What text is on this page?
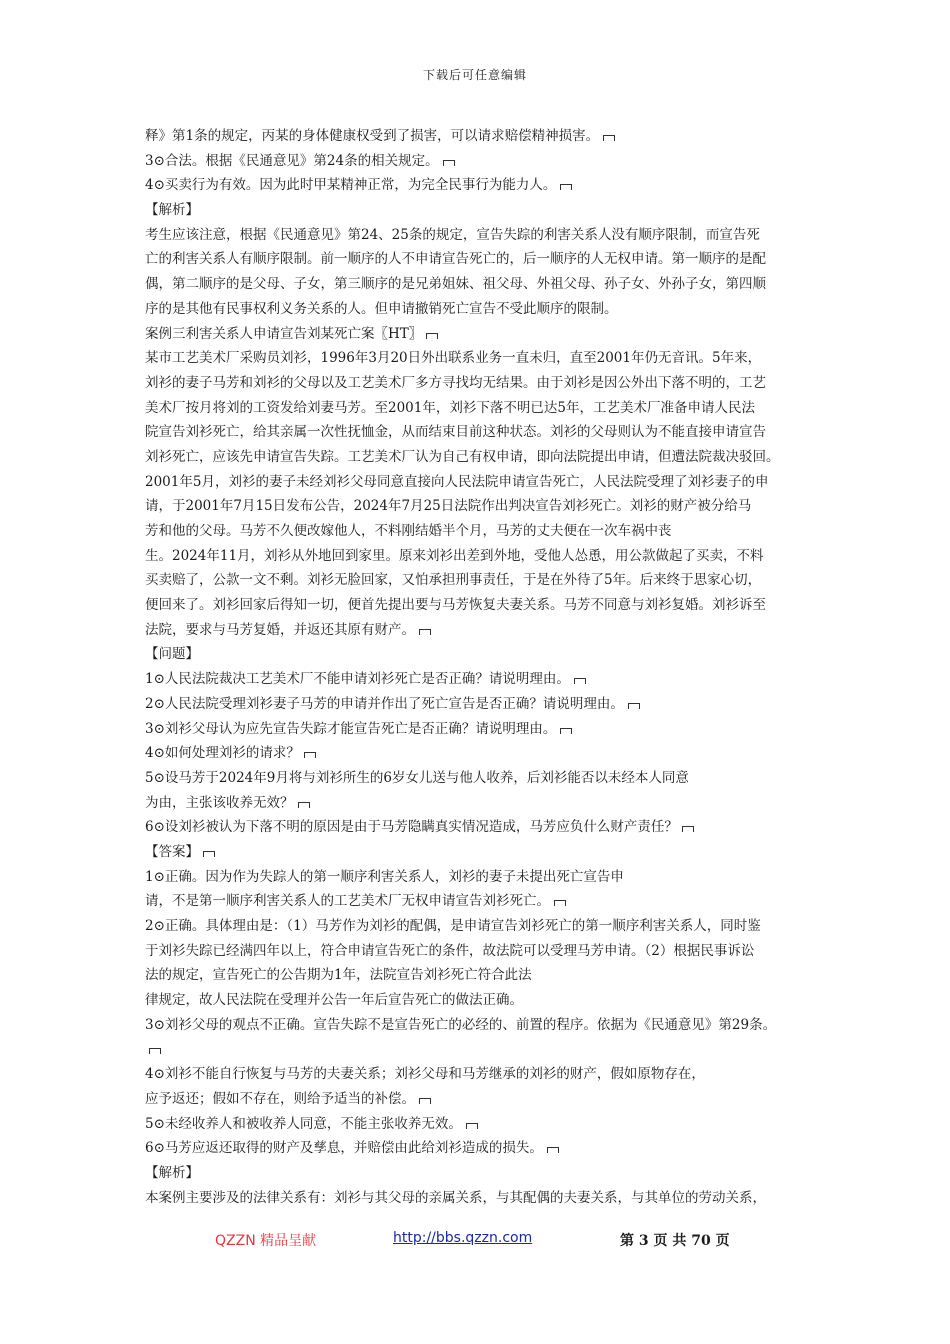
下载后可任意编辑
释》第1条的规定，丙某的身体健康权受到了损害，可以请求赔偿精神损害。
3⊙合法。根据《民通意见》第24条的相关规定。
4⊙买卖行为有效。因为此时甲某精神正常，为完全民事行为能力人。
【解析】
考生应该注意，根据《民通意见》第24、25条的规定，宣告失踪的利害关系人没有顺序限制，而宣告死
亡的利害关系人有顺序限制。前一顺序的人不申请宣告死亡的，后一顺序的人无权申请。第一顺序的是配
偶，第二顺序的是父母、子女，第三顺序的是兄弟姐妹、祖父母、外祖父母、孙子女、外孙子女，第四顺
序的是其他有民事权利义务关系的人。但申请撤销死亡宣告不受此顺序的限制。
案例三利害关系人申请宣告刘某死亡案〖HT〗
某市工艺美术厂采购员刘衫，1996年3月20日外出联系业务一直未归，直至2001年仍无音讯。5年来，
刘衫的妻子马芳和刘衫的父母以及工艺美术厂多方寻找均无结果。由于刘衫是因公外出下落不明的，工艺
美术厂按月将刘的工资发给刘妻马芳。至2001年，刘衫下落不明已达5年，工艺美术厂准备申请人民法
院宣告刘衫死亡，给其亲属一次性抚恤金，从而结束目前这种状态。刘衫的父母则认为不能直接申请宣告
刘衫死亡，应该先申请宣告失踪。工艺美术厂认为自己有权申请，即向法院提出申请，但遭法院裁决驳回。
2001年5月，刘衫的妻子未经刘衫父母同意直接向人民法院申请宣告死亡，人民法院受理了刘衫妻子的申
请，于2001年7月15日发布公告，2024年7月25日法院作出判决宣告刘衫死亡。刘衫的财产被分给马
芳和他的父母。马芳不久便改嫁他人，不料刚结婚半个月，马芳的丈夫便在一次车祸中丧
生。2024年11月，刘衫从外地回到家里。原来刘衫出差到外地，受他人怂恿，用公款做起了买卖，不料
买卖赔了，公款一文不剩。刘衫无脸回家，又怕承担刑事责任，于是在外待了5年。后来终于思家心切，
便回来了。刘衫回家后得知一切，便首先提出要与马芳恢复夫妻关系。马芳不同意与刘衫复婚。刘衫诉至
法院，要求与马芳复婚，并返还其原有财产。
【问题】
1⊙人民法院裁决工艺美术厂不能申请刘衫死亡是否正确？请说明理由。
2⊙人民法院受理刘衫妻子马芳的申请并作出了死亡宣告是否正确？请说明理由。
3⊙刘衫父母认为应先宣告失踪才能宣告死亡是否正确？请说明理由。
4⊙如何处理刘衫的请求？
5⊙设马芳于2024年9月将与刘衫所生的6岁女儿送与他人收养，后刘衫能否以未经本人同意
为由，主张该收养无效？
6⊙设刘衫被认为下落不明的原因是由于马芳隐瞒真实情况造成，马芳应负什么财产责任？
【答案】
1⊙正确。因为作为失踪人的第一顺序利害关系人，刘衫的妻子未提出死亡宣告申
请，不是第一顺序利害关系人的工艺美术厂无权申请宣告刘衫死亡。
2⊙正确。具体理由是：（1）马芳作为刘衫的配偶，是申请宣告刘衫死亡的第一顺序利害关系人，同时鉴
于刘衫失踪已经满四年以上，符合申请宣告死亡的条件，故法院可以受理马芳申请。（2）根据民事诉讼
法的规定，宣告死亡的公告期为1年，法院宣告刘衫死亡符合此法
律规定，故人民法院在受理并公告一年后宣告死亡的做法正确。
3⊙刘衫父母的观点不正确。宣告失踪不是宣告死亡的必经的、前置的程序。依据为《民通意见》第29条。
4⊙刘衫不能自行恢复与马芳的夫妻关系；刘衫父母和马芳继承的刘衫的财产，假如原物存在，
应予返还；假如不存在，则给予适当的补偿。
5⊙未经收养人和被收养人同意，不能主张收养无效。
6⊙马芳应返还取得的财产及孳息，并赔偿由此给刘衫造成的损失。
【解析】
本案例主要涉及的法律关系有：刘衫与其父母的亲属关系，与其配偶的夫妻关系，与其单位的劳动关系，
QZZN 精品呈献	http://bbs.qzzn.com	第 3 页 共 70 页
